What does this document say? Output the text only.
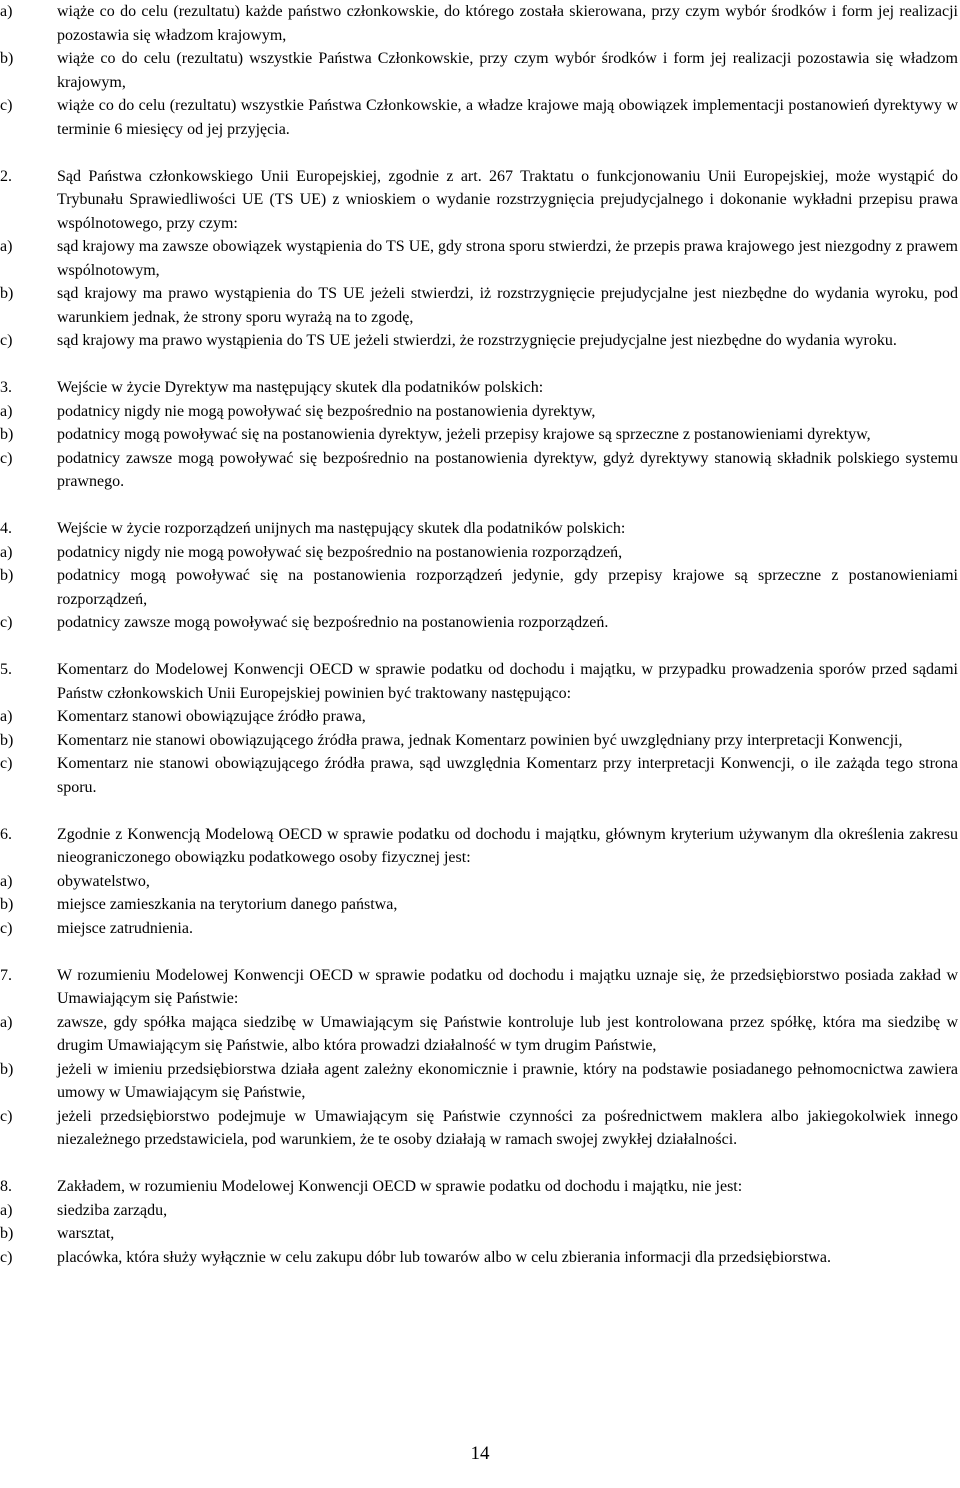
a)	wiąże co do celu (rezultatu) każde państwo członkowskie, do którego została skierowana, przy czym wybór środków i form jej realizacji pozostawia się władzom krajowym,
b)	wiąże co do celu (rezultatu) wszystkie Państwa Członkowskie, przy czym wybór środków i form jej realizacji pozostawia się władzom krajowym,
c)	wiąże co do celu (rezultatu) wszystkie Państwa Członkowskie, a władze krajowe mają obowiązek implementacji postanowień dyrektywy w terminie 6 miesięcy od jej przyjęcia.
2.	Sąd Państwa członkowskiego Unii Europejskiej, zgodnie z art. 267 Traktatu o funkcjonowaniu Unii Europejskiej, może wystąpić do Trybunału Sprawiedliwości UE (TS UE) z wnioskiem o wydanie rozstrzygnięcia prejudycjalnego i dokonanie wykładni przepisu prawa wspólnotowego, przy czym:
a)	sąd krajowy ma zawsze obowiązek wystąpienia do TS UE, gdy strona sporu stwierdzi, że przepis prawa krajowego jest niezgodny z prawem wspólnotowym,
b)	sąd krajowy ma prawo wystąpienia do TS UE jeżeli stwierdzi, iż rozstrzygnięcie prejudycjalne jest niezbędne do wydania wyroku, pod warunkiem jednak, że strony sporu wyrażą na to zgodę,
c)	sąd krajowy ma prawo wystąpienia do TS UE jeżeli stwierdzi, że rozstrzygnięcie prejudycjalne jest niezbędne do wydania wyroku.
3.	Wejście w życie Dyrektyw ma następujący skutek dla podatników polskich:
a)	podatnicy nigdy nie mogą powoływać się bezpośrednio na postanowienia dyrektyw,
b)	podatnicy mogą powoływać się na postanowienia dyrektyw, jeżeli przepisy krajowe są sprzeczne z postanowieniami dyrektyw,
c)	podatnicy zawsze mogą powoływać się bezpośrednio na postanowienia dyrektyw, gdyż dyrektywy stanowią składnik polskiego systemu prawnego.
4.	Wejście w życie rozporządzeń unijnych ma następujący skutek dla podatników polskich:
a)	podatnicy nigdy nie mogą powoływać się bezpośrednio na postanowienia rozporządzeń,
b)	podatnicy mogą powoływać się na postanowienia rozporządzeń jedynie, gdy przepisy krajowe są sprzeczne z postanowieniami rozporządzeń,
c)	podatnicy zawsze mogą powoływać się bezpośrednio na postanowienia rozporządzeń.
5.	Komentarz do Modelowej Konwencji OECD w sprawie podatku od dochodu i majątku, w przypadku prowadzenia sporów przed sądami Państw członkowskich Unii Europejskiej powinien być traktowany następująco:
a)	Komentarz stanowi obowiązujące źródło prawa,
b)	Komentarz nie stanowi obowiązującego źródła prawa, jednak Komentarz powinien być uwzględniany przy interpretacji Konwencji,
c)	Komentarz nie stanowi obowiązującego źródła prawa, sąd uwzględnia Komentarz przy interpretacji Konwencji, o ile zażąda tego strona sporu.
6.	Zgodnie z Konwencją Modelową OECD w sprawie podatku od dochodu i majątku, głównym kryterium używanym dla określenia zakresu nieograniczonego obowiązku podatkowego osoby fizycznej jest:
a)	obywatelstwo,
b)	miejsce zamieszkania na terytorium danego państwa,
c)	miejsce zatrudnienia.
7.	W rozumieniu Modelowej Konwencji OECD w sprawie podatku od dochodu i majątku uznaje się, że przedsiębiorstwo posiada zakład w Umawiającym się Państwie:
a)	zawsze, gdy spółka mająca siedzibę w Umawiającym się Państwie kontroluje lub jest kontrolowana przez spółkę, która ma siedzibę w drugim Umawiającym się Państwie, albo która prowadzi działalność w tym drugim Państwie,
b)	jeżeli w imieniu przedsiębiorstwa działa agent zależny ekonomicznie i prawnie, który na podstawie posiadanego pełnomocnictwa zawiera umowy w Umawiającym się Państwie,
c)	jeżeli przedsiębiorstwo podejmuje w Umawiającym się Państwie czynności za pośrednictwem maklera albo jakiegokolwiek innego niezależnego przedstawiciela, pod warunkiem, że te osoby działają w ramach swojej zwykłej działalności.
8.	Zakładem, w rozumieniu Modelowej Konwencji OECD w sprawie podatku od dochodu i majątku, nie jest:
a)	siedziba zarządu,
b)	warsztat,
c)	placówka, która służy wyłącznie w celu zakupu dóbr lub towarów albo w celu zbierania informacji dla przedsiębiorstwa.
14
